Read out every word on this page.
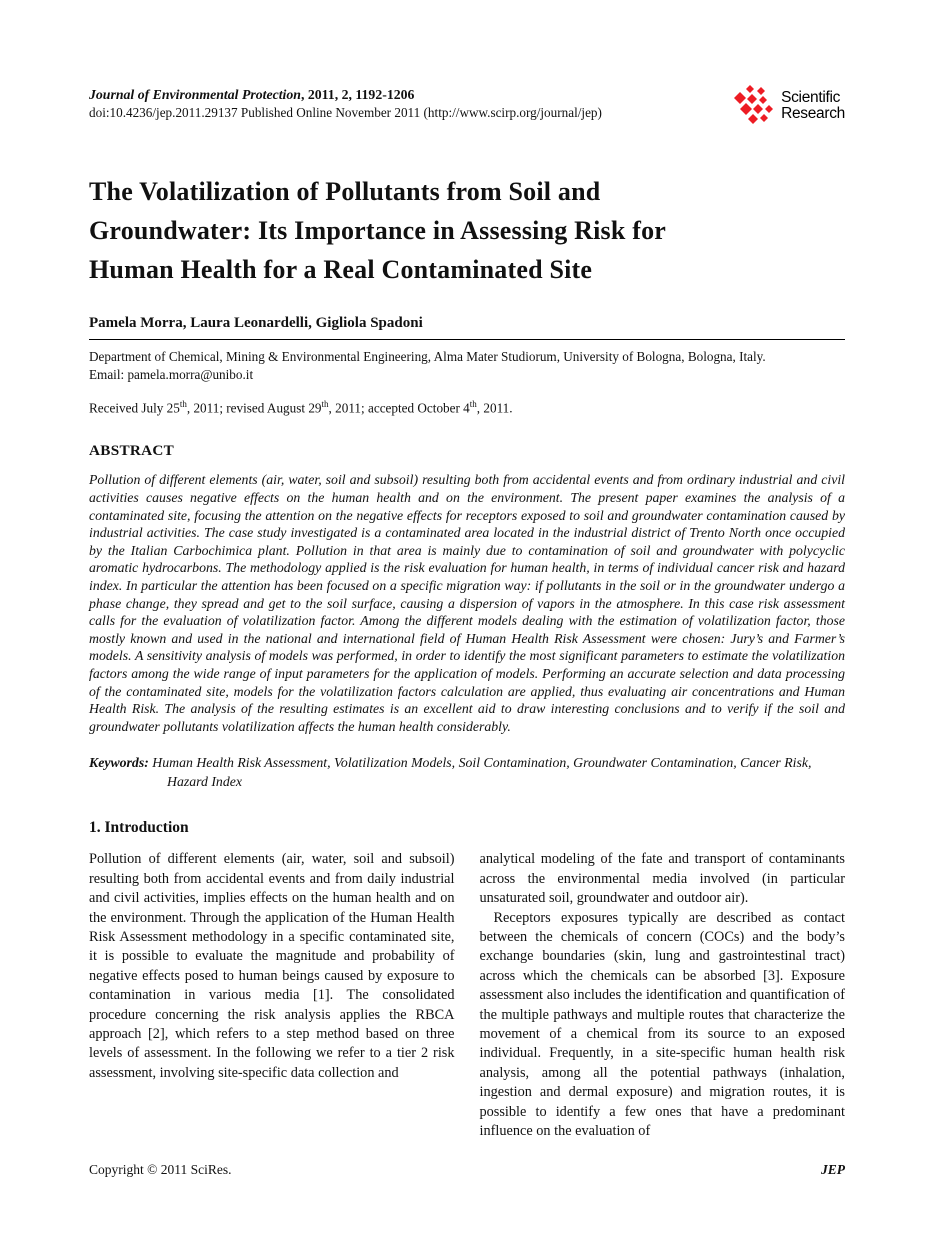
Journal of Environmental Protection, 2011, 2, 1192-1206
doi:10.4236/jep.2011.29137 Published Online November 2011 (http://www.scirp.org/journal/jep)
Scientific
Research
The Volatilization of Pollutants from Soil and
Groundwater: Its Importance in Assessing Risk for
Human Health for a Real Contaminated Site
Pamela Morra, Laura Leonardelli, Gigliola Spadoni
Department of Chemical, Mining & Environmental Engineering, Alma Mater Studiorum, University of Bologna, Bologna, Italy.
Email: pamela.morra@unibo.it
Received July 25th, 2011; revised August 29th, 2011; accepted October 4th, 2011.
ABSTRACT

Pollution of different elements (air, water, soil and subsoil) resulting both from accidental events and from ordinary industrial and civil activities causes negative effects on the human health and on the environment. The present paper examines the analysis of a contaminated site, focusing the attention on the negative effects for receptors exposed to soil and groundwater contamination caused by industrial activities. The case study investigated is a contaminated area located in the industrial district of Trento North once occupied by the Italian Carbochimica plant. Pollution in that area is mainly due to contamination of soil and groundwater with polycyclic aromatic hydrocarbons. The methodology applied is the risk evaluation for human health, in terms of individual cancer risk and hazard index. In particular the attention has been focused on a specific migration way: if pollutants in the soil or in the groundwater undergo a phase change, they spread and get to the soil surface, causing a dispersion of vapors in the atmosphere. In this case risk assessment calls for the evaluation of volatilization factor. Among the different models dealing with the estimation of volatilization factor, those mostly known and used in the national and international field of Human Health Risk Assessment were chosen: Jury’s and Farmer’s models. A sensitivity analysis of models was performed, in order to identify the most significant parameters to estimate the volatilization factors among the wide range of input parameters for the application of models. Performing an accurate selection and data processing of the contaminated site, models for the volatilization factors calculation are applied, thus evaluating air concentrations and Human Health Risk. The analysis of the resulting estimates is an excellent aid to draw interesting conclusions and to verify if the soil and groundwater pollutants volatilization affects the human health considerably.

Keywords: Human Health Risk Assessment, Volatilization Models, Soil Contamination, Groundwater Contamination, Cancer Risk, Hazard Index

1. Introduction

Pollution of different elements (air, water, soil and subsoil) resulting both from accidental events and from daily industrial and civil activities, implies effects on the human health and on the environment. Through the application of the Human Health Risk Assessment methodology in a specific contaminated site, it is possible to evaluate the magnitude and probability of negative effects posed to human beings caused by exposure to contamination in various media [1]. The consolidated procedure concerning the risk analysis applies the RBCA approach [2], which refers to a step method based on three levels of assessment. In the following we refer to a tier 2 risk assessment, involving site-specific data collection and

analytical modeling of the fate and transport of contaminants across the environmental media involved (in particular unsaturated soil, groundwater and outdoor air).

Receptors exposures typically are described as contact between the chemicals of concern (COCs) and the body’s exchange boundaries (skin, lung and gastrointestinal tract) across which the chemicals can be absorbed [3]. Exposure assessment also includes the identification and quantification of the multiple pathways and multiple routes that characterize the movement of a chemical from its source to an exposed individual. Frequently, in a site-specific human health risk analysis, among all the potential pathways (inhalation, ingestion and dermal exposure) and migration routes, it is possible to identify a few ones that have a predominant influence on the evaluation of

Copyright © 2011 SciRes.	JEP
